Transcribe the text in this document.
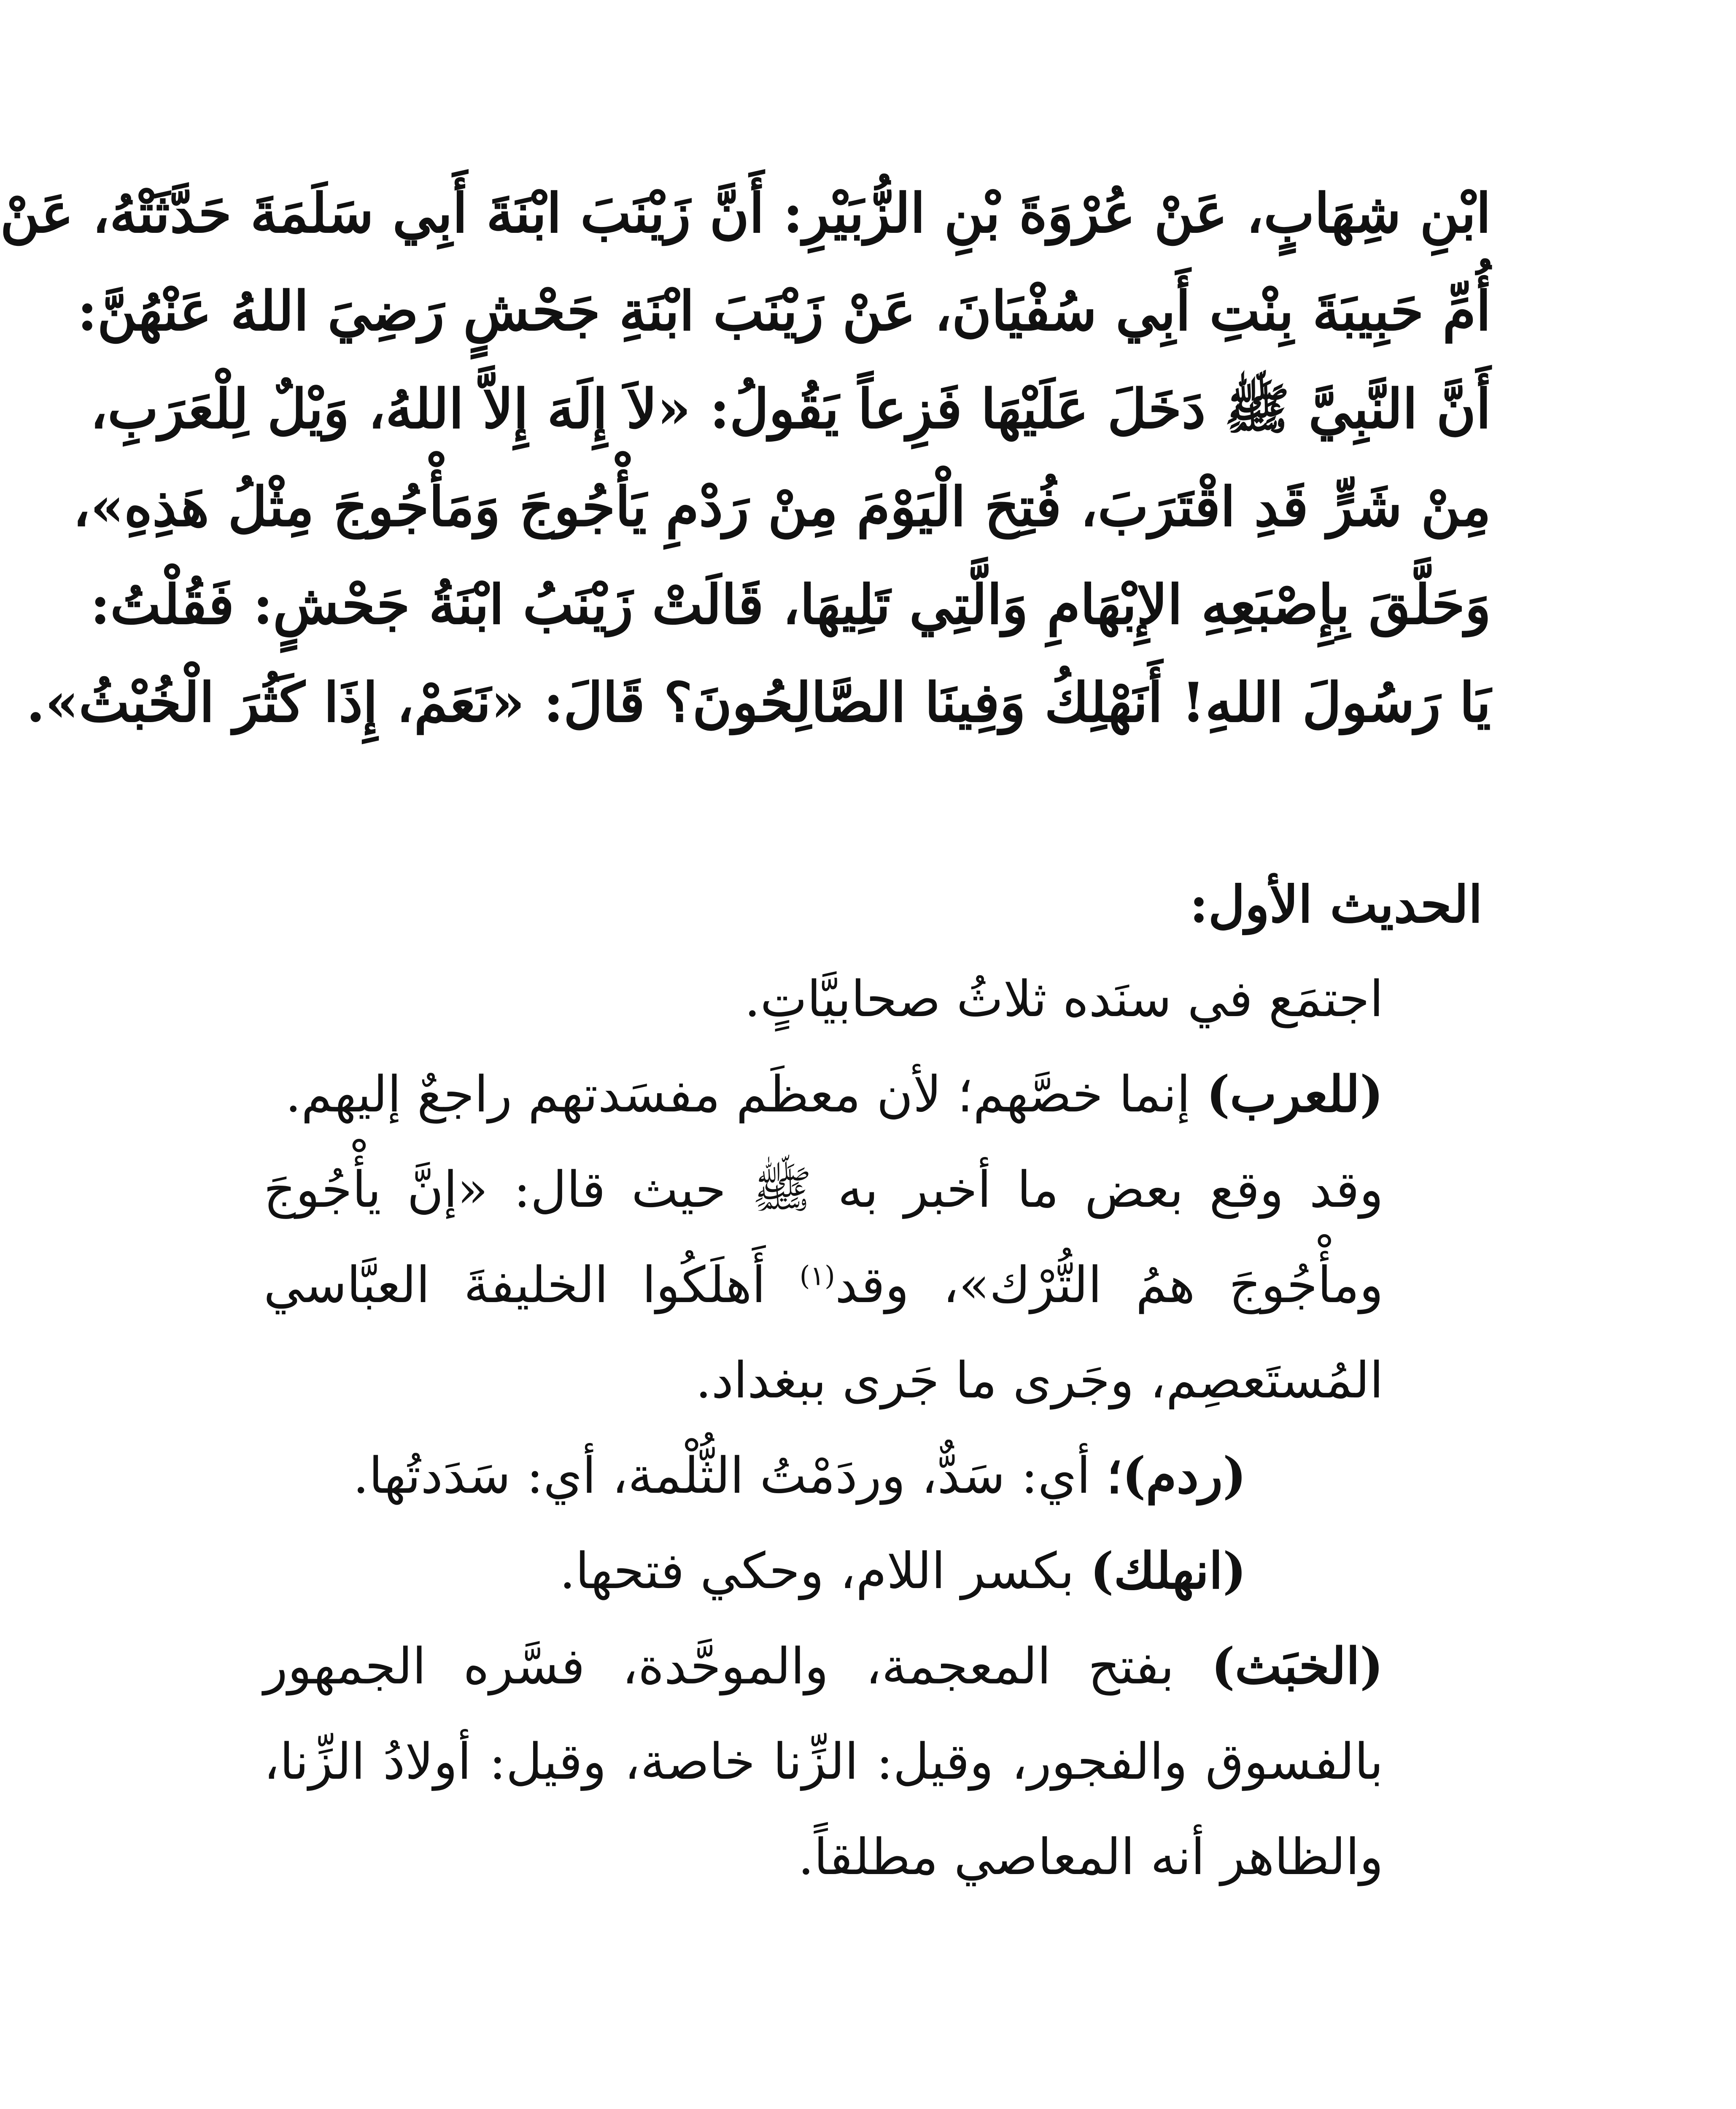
ابْنِ شِهَابٍ، عَنْ عُرْوَةَ بْنِ الزُّبَيْرِ: أَنَّ زَيْنَبَ ابْنَةَ أَبِي سَلَمَةَ حَدَّثَتْهُ، عَنْ
أُمِّ حَبِيبَةَ بِنْتِ أَبِي سُفْيَانَ، عَنْ زَيْنَبَ ابْنَةِ جَحْشٍ رَضِيَ اللهُ عَنْهُنَّ:
أَنَّ النَّبِيَّ ﷺ دَخَلَ عَلَيْهَا فَزِعاً يَقُولُ: «لاَ إِلَهَ إِلاَّ اللهُ، وَيْلٌ لِلْعَرَبِ،
مِنْ شَرٍّ قَدِ اقْتَرَبَ، فُتِحَ الْيَوْمَ مِنْ رَدْمِ يَأْجُوجَ وَمَأْجُوجَ مِثْلُ هَذِهِ»،
وَحَلَّقَ بِإِصْبَعِهِ الإِبْهَامِ وَالَّتِي تَلِيهَا، قَالَتْ زَيْنَبُ ابْنَةُ جَحْشٍ: فَقُلْتُ:
يَا رَسُولَ اللهِ! أَنَهْلِكُ وَفِينَا الصَّالِحُونَ؟ قَالَ: «نَعَمْ، إِذَا كَثُرَ الْخُبْثُ».
الحديث الأول:
اجتمَع في سنَده ثلاثُ صحابيَّاتٍ.
(للعرب) إنما خصَّهم؛ لأن معظَم مفسَدتهم راجعٌ إليهم.
وقد وقع بعض ما أخبر به ﷺ حيث قال: «إنَّ يأْجُوجَ ومأْجُوجَ همُ التُّرْك»، وقد$^{(١)}$ أَهلَكُوا الخليفةَ العبَّاسي المُستَعصِم، وجَرى ما جَرى ببغداد.
(ردم)؛ أي: سَدٌّ، وردَمْتُ الثُّلْمة، أي: سَدَدتُها.
(انهلك) بكسر اللام، وحكي فتحها.
(الخبَث) بفتح المعجمة، والموحَّدة، فسَّره الجمهور بالفسوق والفجور، وقيل: الزِّنا خاصة، وقيل: أولادُ الزِّنا، والظاهر أنه المعاصي مطلقاً.
